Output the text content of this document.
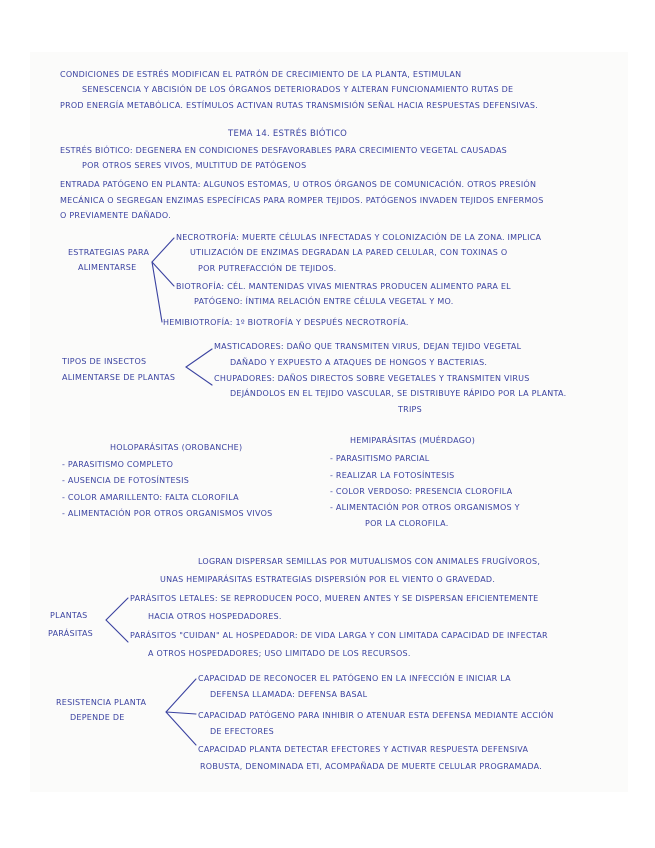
CONDICIONES DE ESTRÉS MODIFICAN EL PATRÓN DE CRECIMIENTO DE LA PLANTA, ESTIMULAN
SENESCENCIA Y ABCISIÓN DE LOS ÓRGANOS DETERIORADOS Y ALTERAN FUNCIONAMIENTO RUTAS DE
PROD ENERGÍA METABÓLICA. ESTÍMULOS ACTIVAN RUTAS TRANSMISIÓN SEÑAL HACIA RESPUESTAS DEFENSIVAS.
TEMA 14. ESTRÉS BIÓTICO
ESTRÉS BIÓTICO: DEGENERA EN CONDICIONES DESFAVORABLES PARA CRECIMIENTO VEGETAL CAUSADAS
POR OTROS SERES VIVOS, MULTITUD DE PATÓGENOS
ENTRADA PATÓGENO EN PLANTA: ALGUNOS ESTOMAS, U OTROS ÓRGANOS DE COMUNICACIÓN. OTROS PRESIÓN
MECÁNICA O SEGREGAN ENZIMAS ESPECÍFICAS PARA ROMPER TEJIDOS. PATÓGENOS INVADEN TEJIDOS ENFERMOS
O PREVIAMENTE DAÑADO.
ESTRATEGIAS PARA
ALIMENTARSE
NECROTROFÍA: MUERTE CÉLULAS INFECTADAS Y COLONIZACIÓN DE LA ZONA. IMPLICA
UTILIZACIÓN DE ENZIMAS DEGRADAN LA PARED CELULAR, CON TOXINAS O
POR PUTREFACCIÓN DE TEJIDOS.
BIOTROFÍA: CÉL. MANTENIDAS VIVAS MIENTRAS PRODUCEN ALIMENTO PARA EL
PATÓGENO: ÍNTIMA RELACIÓN ENTRE CÉLULA VEGETAL Y MO.
HEMIBIOTROFÍA: 1º BIOTROFÍA Y DESPUÉS NECROTROFÍA.
TIPOS DE INSECTOS
ALIMENTARSE DE PLANTAS
MASTICADORES: DAÑO QUE TRANSMITEN VIRUS, DEJAN TEJIDO VEGETAL
DAÑADO Y EXPUESTO A ATAQUES DE HONGOS Y BACTERIAS.
CHUPADORES: DAÑOS DIRECTOS SOBRE VEGETALES Y TRANSMITEN VIRUS
DEJÁNDOLOS EN EL TEJIDO VASCULAR, SE DISTRIBUYE RÁPIDO POR LA PLANTA.
TRIPS
HOLOPARÁSITAS (OROBANCHE)
- PARASITISMO COMPLETO
- AUSENCIA DE FOTOSÍNTESIS
- COLOR AMARILLENTO: FALTA CLOROFILA
- ALIMENTACIÓN POR OTROS ORGANISMOS VIVOS
HEMIPARÁSITAS (MUÉRDAGO)
- PARASITISMO PARCIAL
- REALIZAR LA FOTOSÍNTESIS
- COLOR VERDOSO: PRESENCIA CLOROFILA
- ALIMENTACIÓN POR OTROS ORGANISMOS Y
POR LA CLOROFILA.
LOGRAN DISPERSAR SEMILLAS POR MUTUALISMOS CON ANIMALES FRUGÍVOROS,
UNAS HEMIPARÁSITAS ESTRATEGIAS DISPERSIÓN POR EL VIENTO O GRAVEDAD.
PLANTAS
PARÁSITAS
PARÁSITOS LETALES: SE REPRODUCEN POCO, MUEREN ANTES Y SE DISPERSAN EFICIENTEMENTE
HACIA OTROS HOSPEDADORES.
PARÁSITOS "CUIDAN" AL HOSPEDADOR: DE VIDA LARGA Y CON LIMITADA CAPACIDAD DE INFECTAR
A OTROS HOSPEDADORES; USO LIMITADO DE LOS RECURSOS.
RESISTENCIA PLANTA
DEPENDE DE
CAPACIDAD DE RECONOCER EL PATÓGENO EN LA INFECCIÓN E INICIAR LA
DEFENSA LLAMADA: DEFENSA BASAL
CAPACIDAD PATÓGENO PARA INHIBIR O ATENUAR ESTA DEFENSA MEDIANTE ACCIÓN
DE EFECTORES
CAPACIDAD PLANTA DETECTAR EFECTORES Y ACTIVAR RESPUESTA DEFENSIVA
ROBUSTA, DENOMINADA ETI, ACOMPAÑADA DE MUERTE CELULAR PROGRAMADA.
